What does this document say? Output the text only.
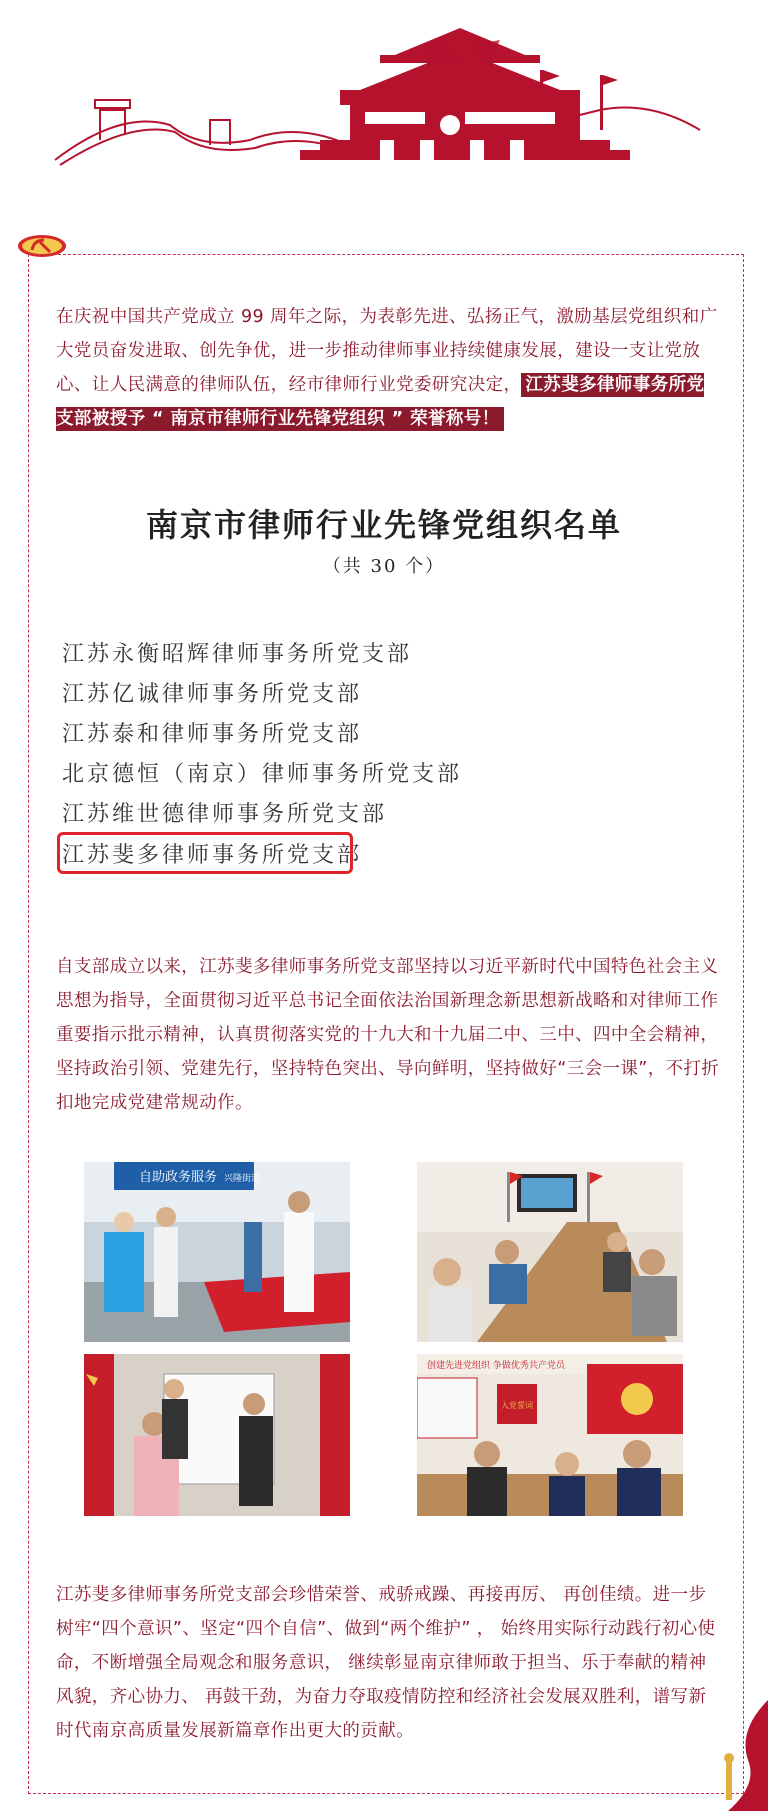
在庆祝中国共产党成立 99 周年之际，为表彰先进、弘扬正气，激励基层党组织和广大党员奋发进取、创先争优，进一步推动律师事业持续健康发展，建设一支让党放心、让人民满意的律师队伍，经市律师行业党委研究决定， 江苏斐多律师事务所党支部被授予 “ 南京市律师行业先锋党组织 ” 荣誉称号！
南京市律师行业先锋党组织名单
（共 30 个）
江苏永衡昭辉律师事务所党支部
江苏亿诚律师事务所党支部
江苏泰和律师事务所党支部
北京德恒（南京）律师事务所党支部
江苏维世德律师事务所党支部
江苏斐多律师事务所党支部
自支部成立以来，江苏斐多律师事务所党支部坚持以习近平新时代中国特色社会主义思想为指导，全面贯彻习近平总书记全面依法治国新理念新思想新战略和对律师工作重要指示批示精神，认真贯彻落实党的十九大和十九届二中、三中、四中全会精神，坚持政治引领、党建先行，坚持特色突出、导向鲜明，坚持做好“三会一课”，不打折扣地完成党建常规动作。
自助政务服务 兴隆街道
创建先进党组织 争做优秀共产党员
入党誓词
江苏斐多律师事务所党支部会珍惜荣誉、戒骄戒躁、再接再厉、 再创佳绩。进一步树牢“四个意识”、坚定“四个自信”、做到“两个维护” ， 始终用实际行动践行初心使命，不断增强全局观念和服务意识， 继续彰显南京律师敢于担当、乐于奉献的精神风貌，齐心协力、 再鼓干劲，为奋力夺取疫情防控和经济社会发展双胜利，谱写新时代南京高质量发展新篇章作出更大的贡献。
